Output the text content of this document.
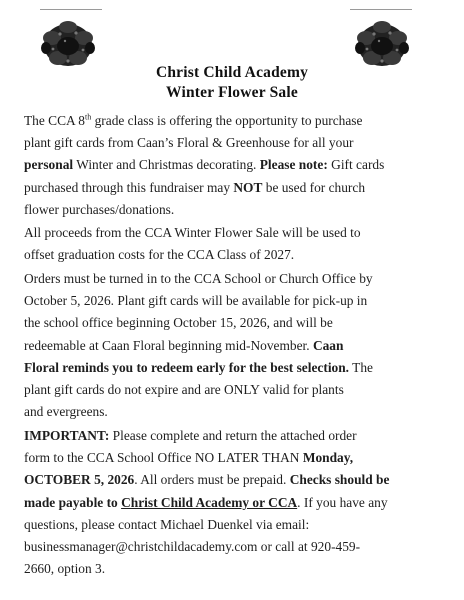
Christ Child Academy
Winter Flower Sale
The CCA 8th grade class is offering the opportunity to purchase
plant gift cards from Caan’s Floral & Greenhouse for all your
personal Winter and Christmas decorating. Please note: Gift cards
purchased through this fundraiser may NOT be used for church
flower purchases/donations.
All proceeds from the CCA Winter Flower Sale will be used to
offset graduation costs for the CCA Class of 2027.
Orders must be turned in to the CCA School or Church Office by
October 5, 2026. Plant gift cards will be available for pick-up in
the school office beginning October 15, 2026, and will be
redeemable at Caan Floral beginning mid-November. Caan
Floral reminds you to redeem early for the best selection. The
plant gift cards do not expire and are ONLY valid for plants
and evergreens.
IMPORTANT: Please complete and return the attached order
form to the CCA School Office NO LATER THAN Monday,
OCTOBER 5, 2026. All orders must be prepaid. Checks should be
made payable to Christ Child Academy or CCA. If you have any
questions, please contact Michael Duenkel via email:
businessmanager@christchildacademy.com or call at 920-459-
2660, option 3.
